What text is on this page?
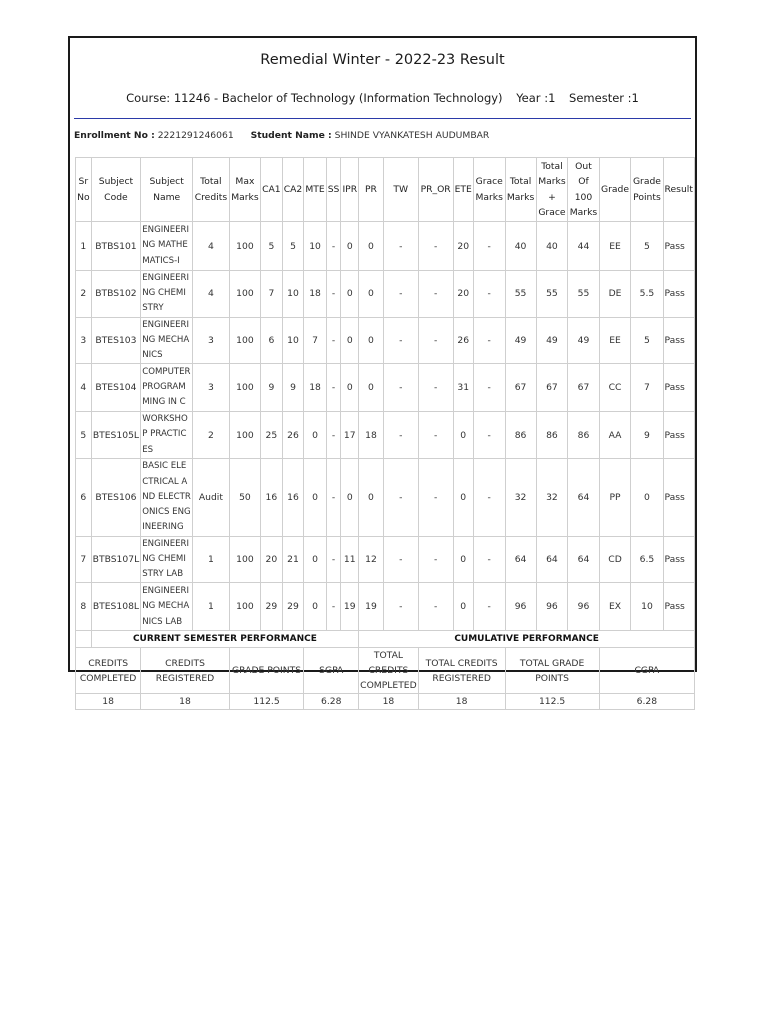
Remedial Winter - 2022-23 Result
Course: 11246 - Bachelor of Technology (Information Technology) Year :1 Semester :1
Enrollment No : 2221291246061 Student Name : SHINDE VYANKATESH AUDUMBAR
Sr No	Subject Code	Subject Name	Total Credits	Max Marks	CA1	CA2	MTE	SS	IPR	PR	TW	PR_OR	ETE	Grace Marks	Total Marks	Total Marks + Grace	Out Of 100 Marks	Grade	Grade Points	Result
1	BTBS101	ENGINEERING MATHEMATICS-I	4	100	5	5	10	-	0	0	-	-	20	-	40	40	44	EE	5	Pass
2	BTBS102	ENGINEERING CHEMISTRY	4	100	7	10	18	-	0	0	-	-	20	-	55	55	55	DE	5.5	Pass
3	BTES103	ENGINEERING MECHANICS	3	100	6	10	7	-	0	0	-	-	26	-	49	49	49	EE	5	Pass
4	BTES104	COMPUTER PROGRAMMING IN C	3	100	9	9	18	-	0	0	-	-	31	-	67	67	67	CC	7	Pass
5	BTES105L	WORKSHOP PRACTICES	2	100	25	26	0	-	17	18	-	-	0	-	86	86	86	AA	9	Pass
6	BTES106	BASIC ELECTRICAL AND ELECTRONICS ENGINEERING	Audit	50	16	16	0	-	0	0	-	-	0	-	32	32	64	PP	0	Pass
7	BTBS107L	ENGINEERING CHEMISTRY LAB	1	100	20	21	0	-	11	12	-	-	0	-	64	64	64	CD	6.5	Pass
8	BTES108L	ENGINEERING MECHANICS LAB	1	100	29	29	0	-	19	19	-	-	0	-	96	96	96	EX	10	Pass
	CURRENT SEMESTER PERFORMANCE									CUMULATIVE PERFORMANCE										
CREDITS COMPLETED		CREDITS REGISTERED		GRADE POINTS			SGPA			TOTAL CREDITS COMPLETED		TOTAL CREDITS REGISTERED			TOTAL GRADE POINTS			CGPA		
18		18		112.5			6.28			18		18			112.5			6.28		
